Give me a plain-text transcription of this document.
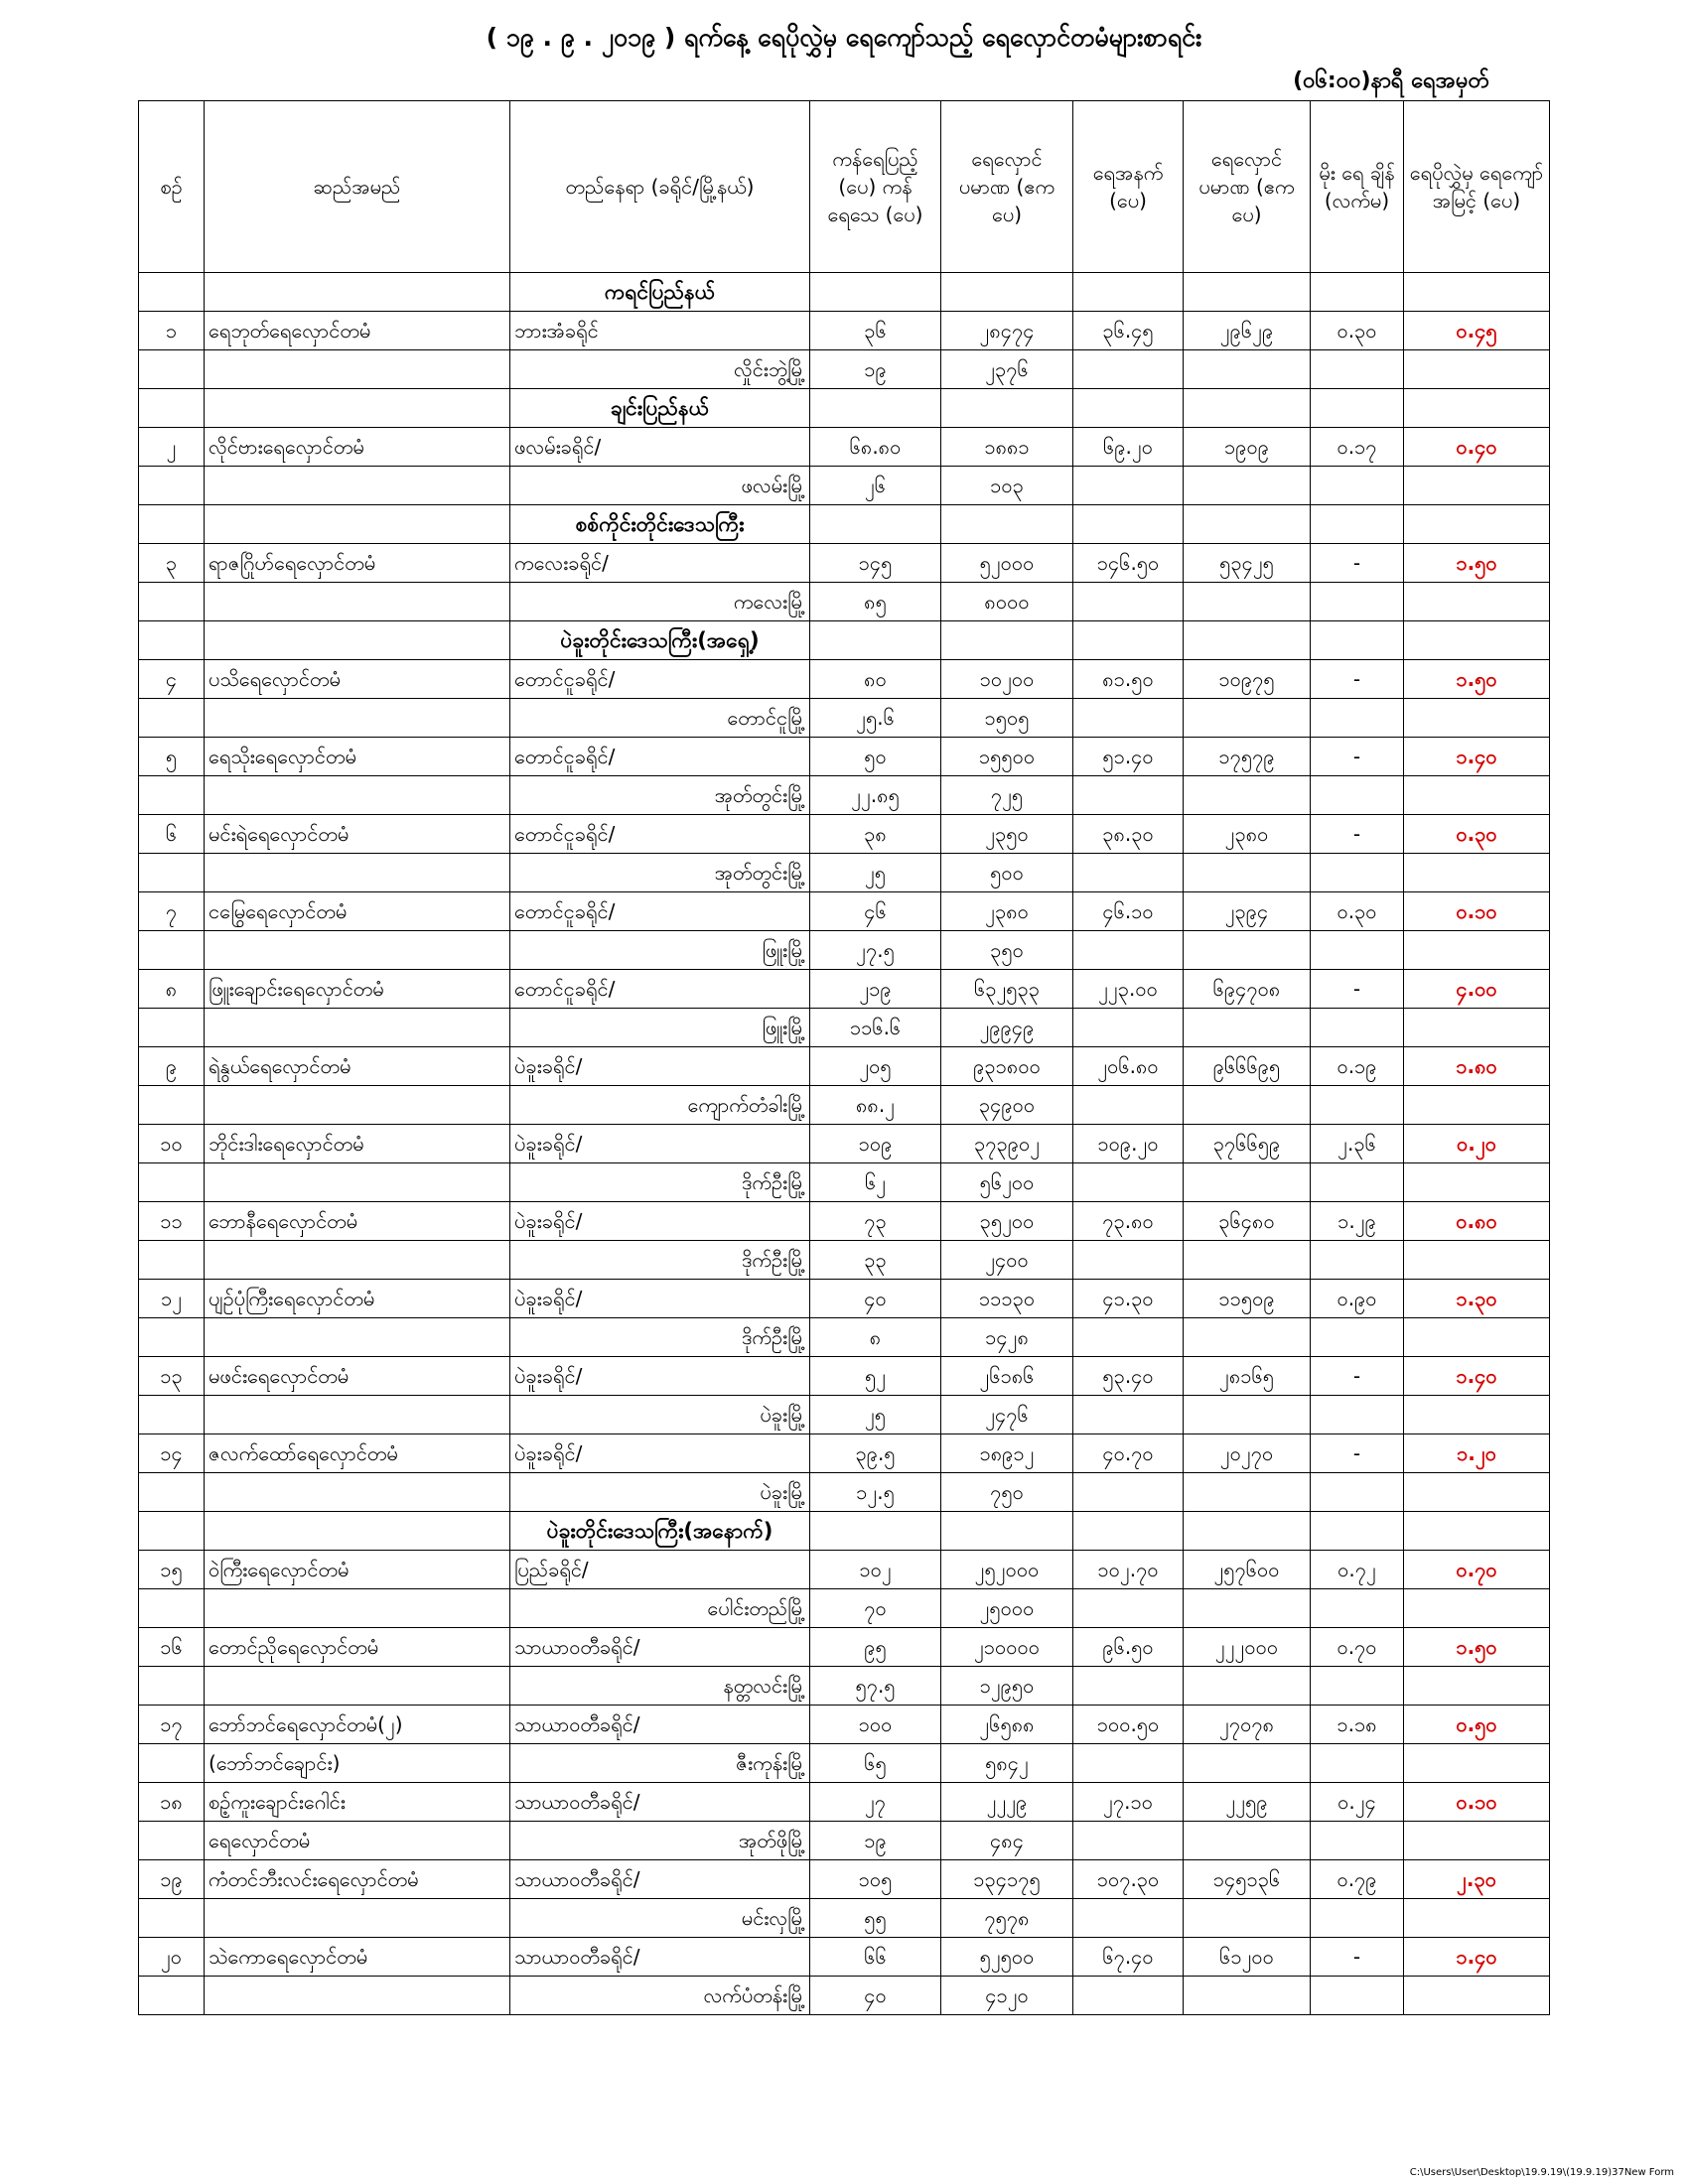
( ၁၉ . ၉ . ၂၀၁၉ ) ရက်နေ့ ရေပိုလွှဲမှ ရေကျော်သည့် ရေလှောင်တမံများစာရင်း
(၀၆:၀၀)နာရီ ရေအမှတ်
စဉ်	ဆည်အမည်	တည်နေရာ (ခရိုင်/မြို့နယ်)	ကန်ရေပြည့် (ပေ) ကန်ရေသေ (ပေ)	ရေလှောင် ပမာဏ (ဧကပေ)	ရေအနက် (ပေ)	ရေလှောင် ပမာဏ (ဧကပေ)	မိုး ရေ ချိန် (လက်မ)	ရေပိုလွှဲမှ ရေကျော် အမြင့် (ပေ)
		ကရင်ပြည်နယ်						
၁	ရေဘုတ်ရေလှောင်တမံ	ဘားအံခရိုင်	၃၆	၂၈၄၇၄	၃၆.၄၅	၂၉၆၂၉	၀.၃၀	၀.၄၅
		လှိုင်းဘွဲ့မြို့	၁၉	၂၃၇၆				
		ချင်းပြည်နယ်						
၂	လိုင်ဗားရေလှောင်တမံ	ဖလမ်းခရိုင်/	၆၈.၈၀	၁၈၈၁	၆၉.၂၀	၁၉၀၉	၀.၁၇	၀.၄၀
		ဖလမ်းမြို့	၂၆	၁၀၃				
		စစ်ကိုင်းတိုင်းဒေသကြီး						
၃	ရာဇဂြိုဟ်ရေလှောင်တမံ	ကလေးခရိုင်/	၁၄၅	၅၂၀၀၀	၁၄၆.၅၀	၅၃၄၂၅	-	၁.၅၀
		ကလေးမြို့	၈၅	၈၀၀၀				
		ပဲခူးတိုင်းဒေသကြီး(အရှေ့)						
၄	ပသိရေလှောင်တမံ	တောင်ငူခရိုင်/	၈၀	၁၀၂၀၀	၈၁.၅၀	၁၀၉၇၅	-	၁.၅၀
		တောင်ငူမြို့	၂၅.၆	၁၅၀၅				
၅	ရေသိုးရေလှောင်တမံ	တောင်ငူခရိုင်/	၅၀	၁၅၅၀၀	၅၁.၄၀	၁၇၅၇၉	-	၁.၄၀
		အုတ်တွင်းမြို့	၂၂.၈၅	၇၂၅				
၆	မင်းရဲရေလှောင်တမံ	တောင်ငူခရိုင်/	၃၈	၂၃၅၀	၃၈.၃၀	၂၃၈၀	-	၀.၃၀
		အုတ်တွင်းမြို့	၂၅	၅၀၀				
၇	ငမြွေရေလှောင်တမံ	တောင်ငူခရိုင်/	၄၆	၂၃၈၀	၄၆.၁၀	၂၃၉၄	၀.၃၀	၀.၁၀
		ဖြူးမြို့	၂၇.၅	၃၅၀				
၈	ဖြူးချောင်းရေလှောင်တမံ	တောင်ငူခရိုင်/	၂၁၉	၆၃၂၅၃၃	၂၂၃.၀၀	၆၉၄၇၀၈	-	၄.၀၀
		ဖြူးမြို့	၁၁၆.၆	၂၉၉၄၉				
၉	ရဲနွယ်ရေလှောင်တမံ	ပဲခူးခရိုင်/	၂၀၅	၉၃၁၈၀၀	၂၀၆.၈၀	၉၆၆၆၉၅	၀.၁၉	၁.၈၀
		ကျောက်တံခါးမြို့	၈၈.၂	၃၄၉၀၀				
၁၀	ဘိုင်းဒါးရေလှောင်တမံ	ပဲခူးခရိုင်/	၁၀၉	၃၇၃၉၀၂	၁၀၉.၂၀	၃၇၆၆၅၉	၂.၃၆	၀.၂၀
		ဒိုက်ဦးမြို့	၆၂	၅၆၂၀၀				
၁၁	ဘောနီရေလှောင်တမံ	ပဲခူးခရိုင်/	၇၃	၃၅၂၀၀	၇၃.၈၀	၃၆၄၈၀	၁.၂၉	၀.၈၀
		ဒိုက်ဦးမြို့	၃၃	၂၄၀၀				
၁၂	ပျဉ်ပုံကြီးရေလှောင်တမံ	ပဲခူးခရိုင်/	၄၀	၁၁၁၃၀	၄၁.၃၀	၁၁၅၀၉	၀.၉၀	၁.၃၀
		ဒိုက်ဦးမြို့	၈	၁၄၂၈				
၁၃	မဖင်းရေလှောင်တမံ	ပဲခူးခရိုင်/	၅၂	၂၆၁၈၆	၅၃.၄၀	၂၈၁၆၅	-	၁.၄၀
		ပဲခူးမြို့	၂၅	၂၄၇၆				
၁၄	ဇလက်ထော်ရေလှောင်တမံ	ပဲခူးခရိုင်/	၃၉.၅	၁၈၉၁၂	၄၀.၇၀	၂၀၂၇၀	-	၁.၂၀
		ပဲခူးမြို့	၁၂.၅	၇၅၀				
		ပဲခူးတိုင်းဒေသကြီး(အနောက်)						
၁၅	ဝဲကြီးရေလှောင်တမံ	ပြည်ခရိုင်/	၁၀၂	၂၅၂၀၀၀	၁၀၂.၇၀	၂၅၇၆၀၀	၀.၇၂	၀.၇၀
		ပေါင်းတည်မြို့	၇၀	၂၅၀၀၀				
၁၆	တောင်ညိုရေလှောင်တမံ	သာယာဝတီခရိုင်/	၉၅	၂၁၀၀၀၀	၉၆.၅၀	၂၂၂၀၀၀	၀.၇၀	၁.၅၀
		နတ္တလင်းမြို့	၅၇.၅	၁၂၉၅၀				
၁၇	ဘော်ဘင်ရေလှောင်တမံ(၂)	သာယာဝတီခရိုင်/	၁၀၀	၂၆၅၈၈	၁၀၀.၅၀	၂၇၀၇၈	၁.၁၈	၀.၅၀
	(ဘော်ဘင်ချောင်း)	ဇီးကုန်းမြို့	၆၅	၅၈၄၂				
၁၈	စဥ့်ကူးချောင်းဂေါင်း	သာယာဝတီခရိုင်/	၂၇	၂၂၂၉	၂၇.၁၀	၂၂၅၉	၀.၂၄	၀.၁၀
	ရေလှောင်တမံ	အုတ်ဖိုမြို့	၁၉	၄၈၄				
၁၉	ကံတင်ဘီးလင်းရေလှောင်တမံ	သာယာဝတီခရိုင်/	၁၀၅	၁၃၄၁၇၅	၁၀၇.၃၀	၁၄၅၁၃၆	၀.၇၉	၂.၃၀
		မင်းလှမြို့	၅၅	၇၅၇၈				
၂၀	သဲကောရေလှောင်တမံ	သာယာဝတီခရိုင်/	၆၆	၅၂၅၀၀	၆၇.၄၀	၆၁၂၀၀	-	၁.၄၀
		လက်ပံတန်းမြို့	၄၀	၄၁၂၀				
C:\Users\User\Desktop\19.9.19\(19.9.19)37New Form
